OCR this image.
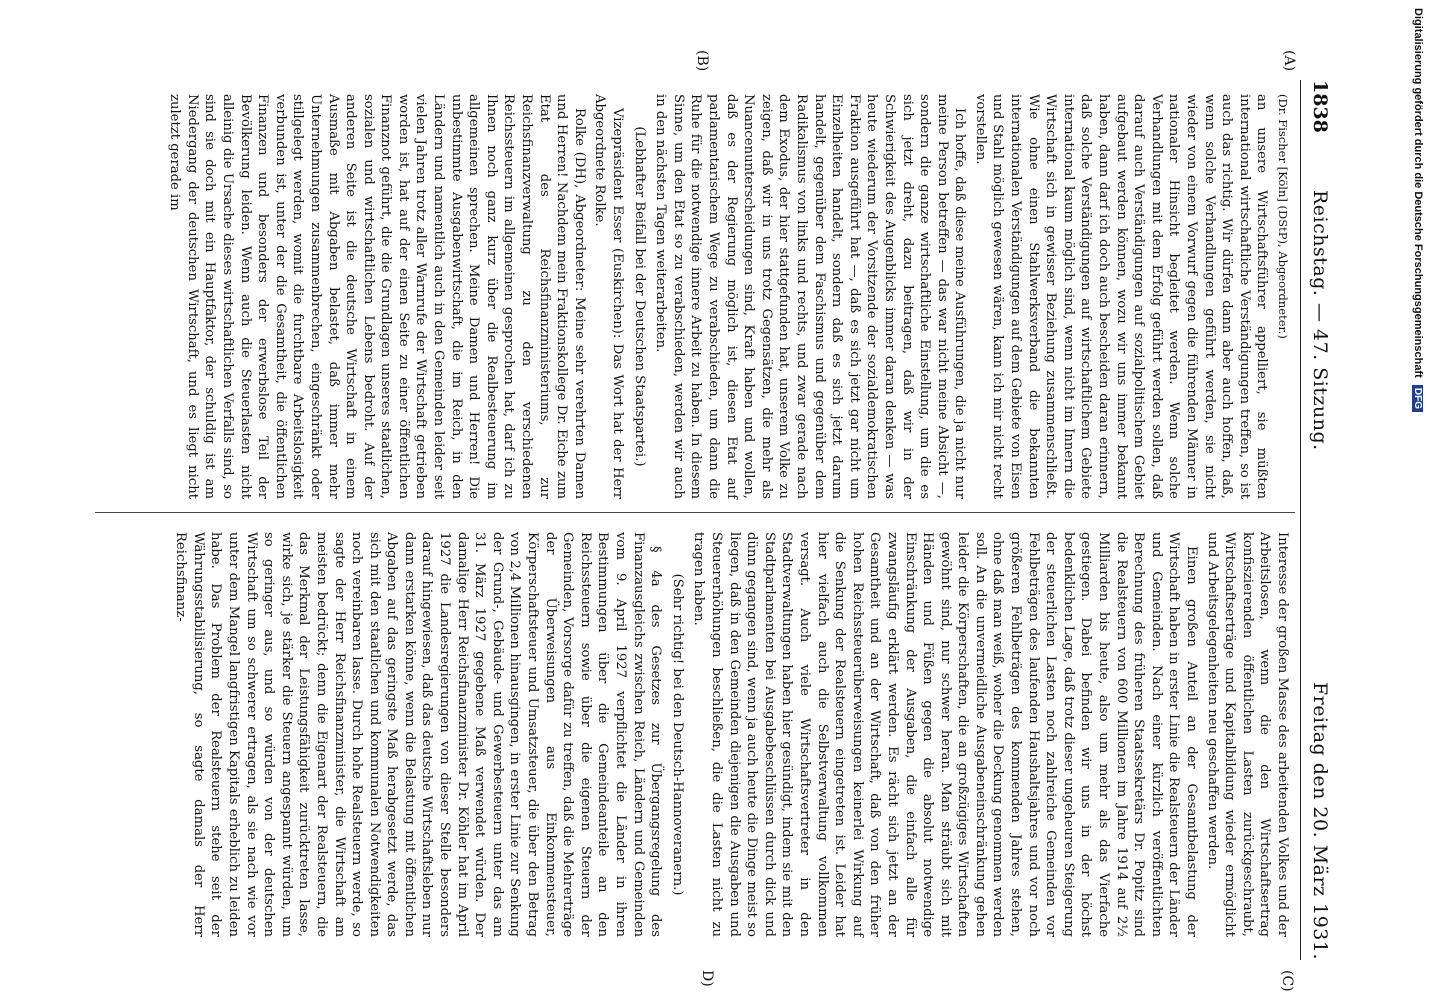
1838
Reichstag. — 47. Sitzung.
Freitag den 20. März 1931.
(A)
(B)
(C)
D)

(Dr. Fischer [Köln] (DStP), Abgeordneter.)

an unsere Wirtschaftsführer appelliert, sie müßten international wirtschaftliche Verständigungen treffen, so ist auch das richtig. Wir dürfen dann aber auch hoffen, daß, wenn solche Verhandlungen geführt werden, sie nicht wieder von einem Vorwurf gegen die führenden Männer in nationaler Hinsicht begleitet werden. Wenn solche Verhandlungen mit dem Erfolg geführt werden sollen, daß darauf auch Verständigungen auf sozialpolitischem Gebiet aufgebaut werden können, wozu wir uns immer bekannt haben, dann darf ich doch auch bescheiden daran erinnern, daß solche Verständigungen auf wirtschaftlichem Gebiete international kaum möglich sind, wenn nicht im Innern die Wirtschaft sich in gewisser Beziehung zusammenschließt. Wie ohne einen Stahlwerksverband die bekannten internationalen Verständigungen auf dem Gebiete von Eisen und Stahl möglich gewesen wären, kann ich mir nicht recht vorstellen.

Ich hoffe, daß diese meine Ausführungen, die ja nicht nur meine Person betreffen — das war nicht meine Absicht —, sondern die ganze wirtschaftliche Einstellung, um die es sich jetzt dreht, dazu beitragen, daß wir in der Schwierigkeit des Augenblicks immer daran denken — was heute wiederum der Vorsitzende der sozialdemokratischen Fraktion ausgeführt hat —, daß es sich jetzt gar nicht um Einzelheiten handelt, sondern daß es sich jetzt darum handelt, gegenüber dem Faschismus und gegenüber dem Radikalismus von links und rechts, und zwar gerade nach dem Exodus, der hier stattgefunden hat, unserem Volke zu zeigen, daß wir in uns trotz Gegensätzen, die mehr als Nuancenunterscheidungen sind, Kraft haben und wollen, daß es der Regierung möglich ist, diesen Etat auf parlamentarischem Wege zu verabschieden, um dann die Ruhe für die notwendige innere Arbeit zu haben. In diesem Sinne, um den Etat so zu verabschieden, werden wir auch in den nächsten Tagen weiterarbeiten.

(Lebhafter Beifall bei der Deutschen Staatspartei.)

Vizepräsident Esser (Euskirchen): Das Wort hat der Herr Abgeordnete Rolke.

Rolke (DH), Abgeordneter: Meine sehr verehrten Damen und Herren! Nachdem mein Fraktionskollege Dr. Eiche zum Etat des Reichsfinanzministeriums, zur Reichsfinanzverwaltung zu den verschiedenen Reichssteuern im allgemeinen gesprochen hat, darf ich zu Ihnen noch ganz kurz über die Realbesteuerung im allgemeinen sprechen. Meine Damen und Herren! Die unbestimmte Ausgabenwirtschaft, die im Reich, in den Ländern und namentlich auch in den Gemeinden leider seit vielen Jahren trotz aller Warnrufe der Wirtschaft getrieben worden ist, hat auf der einen Seite zu einer öffentlichen Finanznot geführt, die die Grundlagen unseres staatlichen, sozialen und wirtschaftlichen Lebens bedroht. Auf der anderen Seite ist die deutsche Wirtschaft in einem Ausmaße mit Abgaben belastet, daß immer mehr Unternehmungen zusammenbrechen, eingeschränkt oder stillgelegt werden, womit die furchtbare Arbeitslosigkeit verbunden ist, unter der die Gesamtheit, die öffentlichen Finanzen und besonders der erwerbslose Teil der Bevölkerung leiden. Wenn auch die Steuerlasten nicht alleinig die Ursache dieses wirtschaftlichen Verfalls sind, so sind sie doch mit ein Hauptfaktor, der schuldig ist am Niedergang der deutschen Wirtschaft, und es liegt nicht zuletzt gerade im

Interesse der großen Masse des arbeitenden Volkes und der Arbeitslosen, wenn die den Wirtschaftsertrag konfiszierenden öffentlichen Lasten zurückgeschraubt, Wirtschaftserträge und Kapitalbildung wieder ermöglicht und Arbeitsgelegenheiten neu geschaffen werden.

Einen großen Anteil an der Gesamtbelastung der Wirtschaft haben in erster Linie die Realsteuern der Länder und Gemeinden. Nach einer kürzlich veröffentlichten Berechnung des früheren Staatssekretärs Dr. Popitz sind die Realsteuern von 600 Millionen im Jahre 1914 auf 2½ Milliarden bis heute, also um mehr als das Vierfache gestiegen. Dabei befinden wir uns in der höchst bedenklichen Lage, daß trotz dieser ungeheuren Steigerung der steuerlichen Lasten noch zahlreiche Gemeinden vor Fehlbeträgen des laufenden Haushaltsjahres und vor noch größeren Fehlbeträgen des kommenden Jahres stehen, ohne daß man weiß, woher die Deckung genommen werden soll. An die unvermeidliche Ausgabeneinschränkung gehen leider die Körperschaften, die an großzügiges Wirtschaften gewöhnt sind, nur schwer heran. Man sträubt sich mit Händen und Füßen gegen die absolut notwendige Einschränkung der Ausgaben, die einfach alle für zwangsläufig erklärt werden. Es rächt sich jetzt an der Gesamtheit und an der Wirtschaft, daß von den früher hohen Reichssteuerüberweisungen keinerlei Wirkung auf die Senkung der Realsteuern eingetreten ist. Leider hat hier vielfach auch die Selbstverwaltung vollkommen versagt. Auch viele Wirtschaftsvertreter in den Stadtverwaltungen haben hier gesündigt, indem sie mit den Stadtparlamenten bei Ausgabebeschlüssen durch dick und dünn gegangen sind, wenn ja auch heute die Dinge meist so liegen, daß in den Gemeinden diejenigen die Ausgaben und Steuererhöhungen beschließen, die die Lasten nicht zu tragen haben.

(Sehr richtig! bei den Deutsch-Hannoveranern.)

§ 4a des Gesetzes zur Übergangsregelung des Finanzausgleichs zwischen Reich, Ländern und Gemeinden vom 9. April 1927 verpflichtet die Länder in ihren Bestimmungen über die Gemeindeanteile an den Reichssteuern sowie über die eigenen Steuern der Gemeinden, Vorsorge dafür zu treffen, daß die Mehrerträge der Überweisungen aus Einkommensteuer, Körperschaftsteuer und Umsatzsteuer, die über den Betrag von 2,4 Millionen hinausgingen, in erster Linie zur Senkung der Grund-, Gebäude- und Gewerbesteuern unter das am 31. März 1927 gegebene Maß verwendet würden. Der damalige Herr Reichsfinanzminister Dr. Köhler hat im April 1927 die Landesregierungen von dieser Stelle besonders darauf hingewiesen, daß das deutsche Wirtschaftsleben nur dann erstarken könne, wenn die Belastung mit öffentlichen Abgaben auf das geringste Maß herabgesetzt werde, das sich mit den staatlichen und kommunalen Notwendigkeiten noch vereinbaren lasse. Durch hohe Realsteuern werde, so sagte der Herr Reichsfinanzminister, die Wirtschaft am meisten bedrückt; denn die Eigenart der Realsteuern, die das Merkmal der Leistungsfähigkeit zurücktreten lasse, wirke sich, je stärker die Steuern angespannt würden, um so geringer aus, und so würden von der deutschen Wirtschaft um so schwerer ertragen, als sie nach wie vor unter dem Mangel langfristigen Kapitals erheblich zu leiden habe. Das Problem der Realsteuern stehe seit der Währungsstabilisierung, so sagte damals der Herr Reichsfinanz-

Digitalisierung gefördert durch die Deutsche Forschungsgemeinschaft DFG
